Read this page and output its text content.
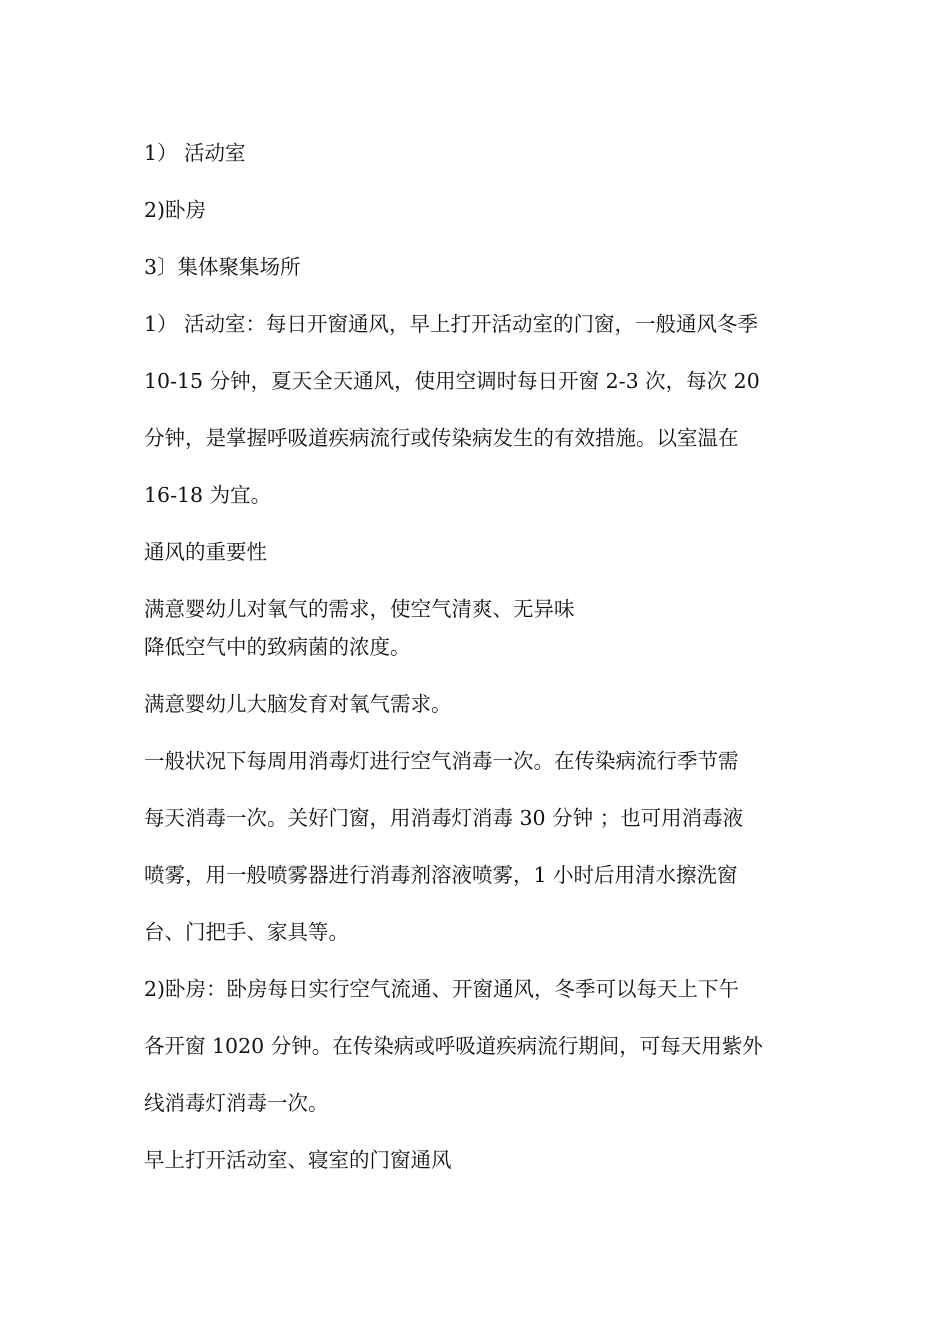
1） 活动室
2)卧房
3〕集体聚集场所
1） 活动室：每日开窗通风，早上打开活动室的门窗，一般通风冬季
10-15 分钟，夏天全天通风，使用空调时每日开窗 2-3 次，每次 20
分钟，是掌握呼吸道疾病流行或传染病发生的有效措施。以室温在
16-18 为宜。
通风的重要性
满意婴幼儿对氧气的需求，使空气清爽、无异味
降低空气中的致病菌的浓度。
满意婴幼儿大脑发育对氧气需求。
一般状况下每周用消毒灯进行空气消毒一次。在传染病流行季节需
每天消毒一次。关好门窗，用消毒灯消毒 30 分钟 ；也可用消毒液
喷雾，用一般喷雾器进行消毒剂溶液喷雾，1 小时后用清水擦洗窗
台、门把手、家具等。
2)卧房：卧房每日实行空气流通、开窗通风，冬季可以每天上下午
各开窗 1020 分钟。在传染病或呼吸道疾病流行期间，可每天用紫外
线消毒灯消毒一次。
早上打开活动室、寝室的门窗通风
